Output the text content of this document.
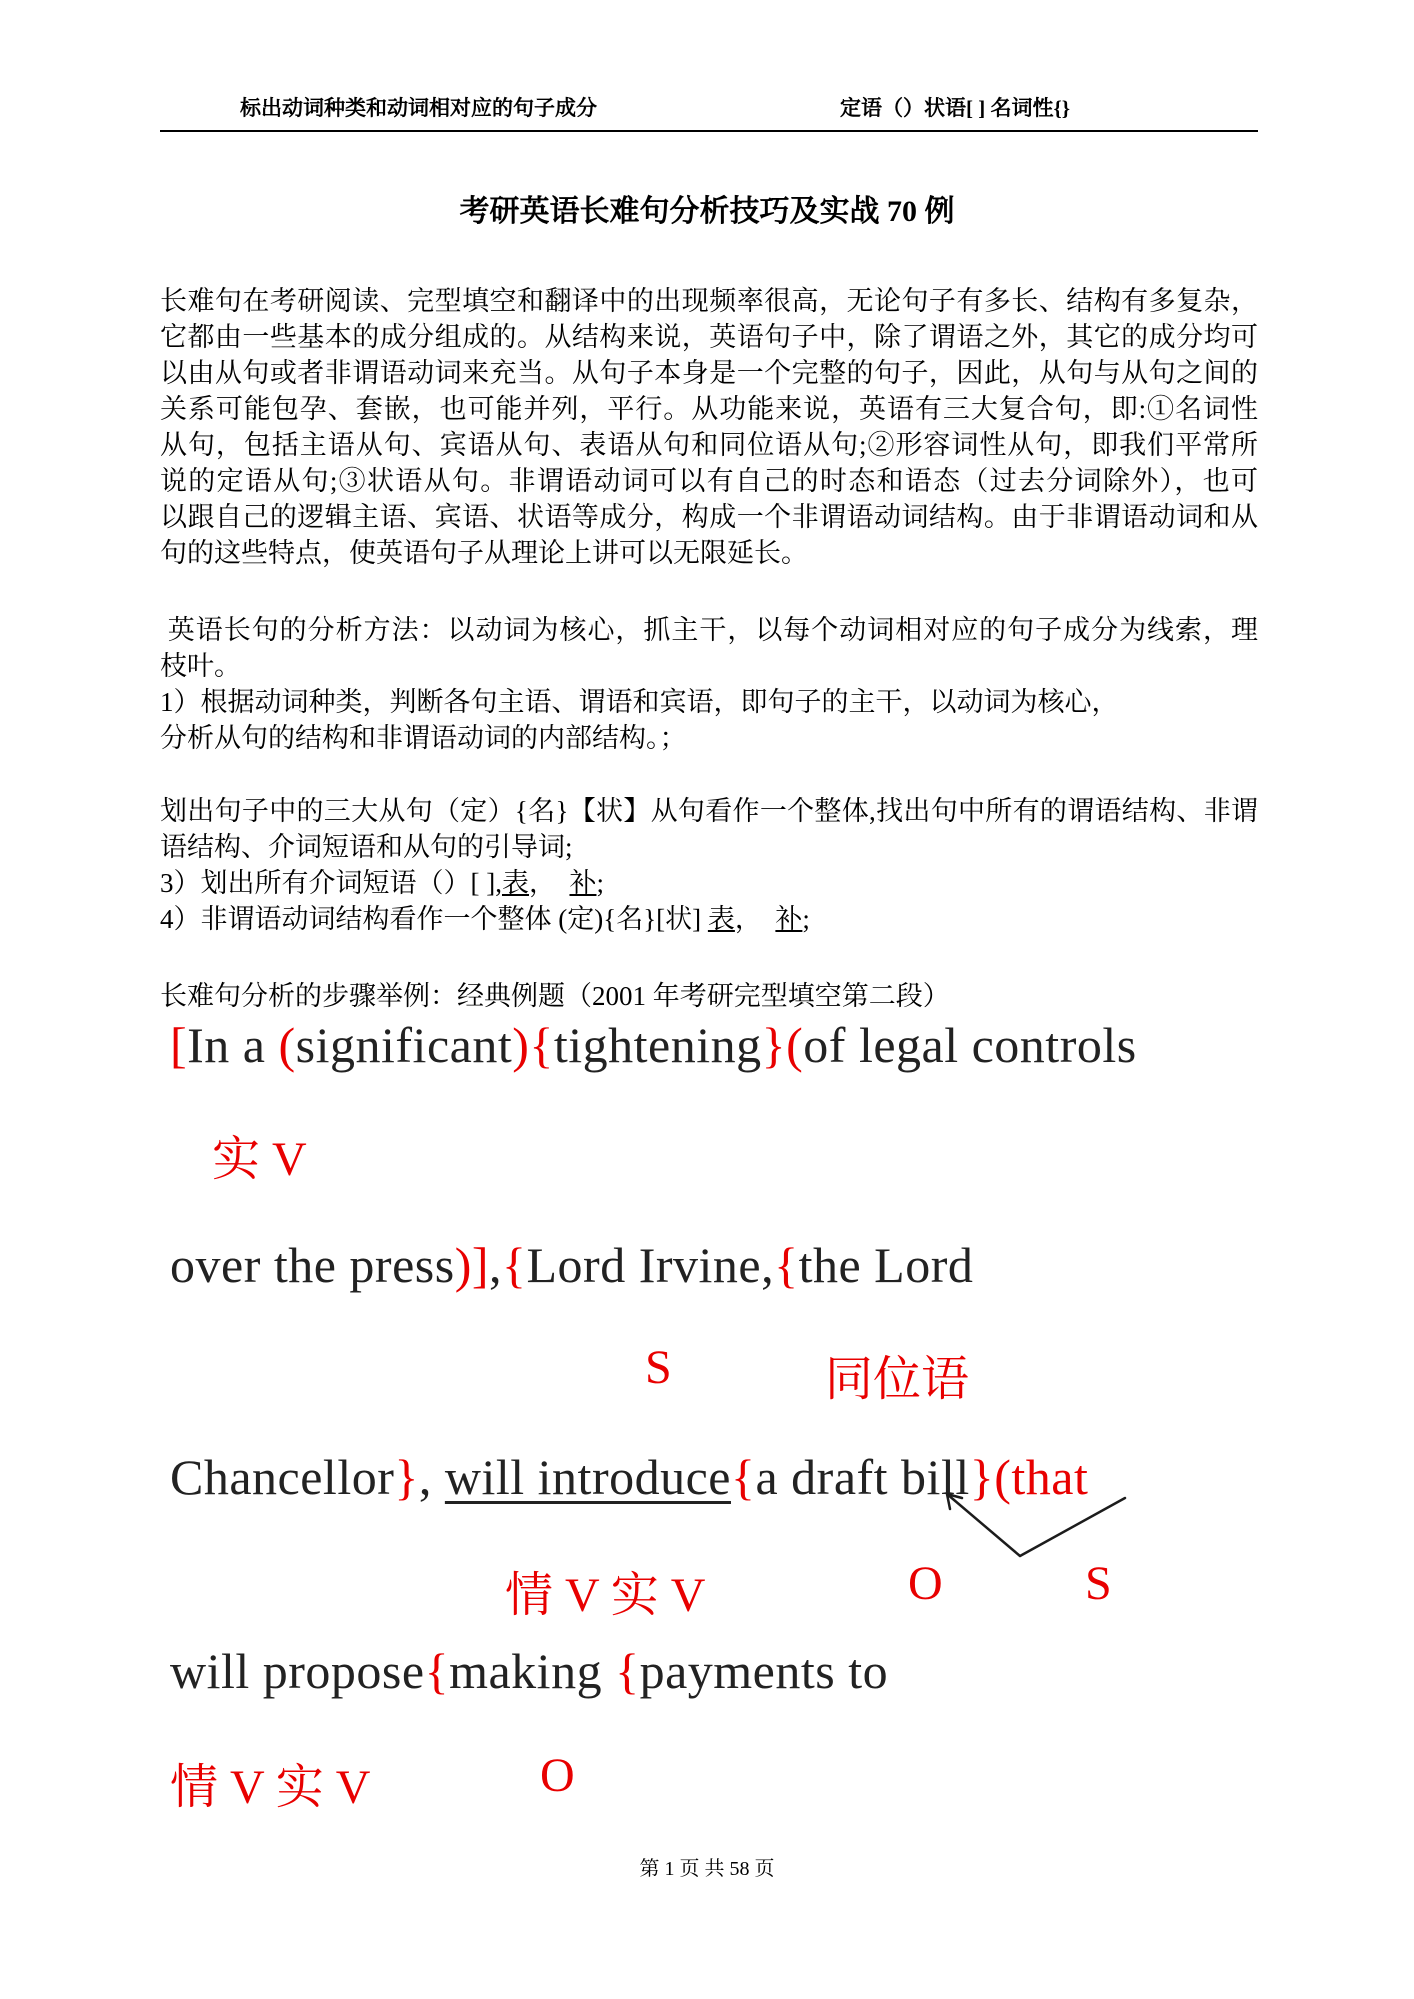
标出动词种类和动词相对应的句子成分	定语（）状语[ ] 名词性{}
考研英语长难句分析技巧及实战 70 例
长难句在考研阅读、完型填空和翻译中的出现频率很高，无论句子有多长、结构有多复杂，
它都由一些基本的成分组成的。从结构来说，英语句子中，除了谓语之外，其它的成分均可
以由从句或者非谓语动词来充当。从句子本身是一个完整的句子，因此，从句与从句之间的
关系可能包孕、套嵌，也可能并列，平行。从功能来说，英语有三大复合句，即:①名词性
从句，包括主语从句、宾语从句、表语从句和同位语从句;②形容词性从句，即我们平常所
说的定语从句;③状语从句。非谓语动词可以有自己的时态和语态（过去分词除外），也可
以跟自己的逻辑主语、宾语、状语等成分，构成一个非谓语动词结构。由于非谓语动词和从
句的这些特点，使英语句子从理论上讲可以无限延长。
英语长句的分析方法：以动词为核心，抓主干，以每个动词相对应的句子成分为线索，理
枝叶。
1）根据动词种类，判断各句主语、谓语和宾语，即句子的主干，以动词为核心，
分析从句的结构和非谓语动词的内部结构。；
划出句子中的三大从句（定）{名}【状】从句看作一个整体,找出句中所有的谓语结构、非谓
语结构、介词短语和从句的引导词;
3）划出所有介词短语（）[ ],表，　补;
4）非谓语动词结构看作一个整体 (定){名}[状] 表，　补;
长难句分析的步骤举例：经典例题（2001 年考研完型填空第二段）
[In a (significant){tightening}(of legal controls
实 V
over the press)],{Lord Irvine,{the Lord
S	同位语
Chancellor}, will introduce{a draft bill}(that
情 V 实 V	O	S
will propose{making {payments to
情 V 实 V	O
第 1 页 共 58 页
